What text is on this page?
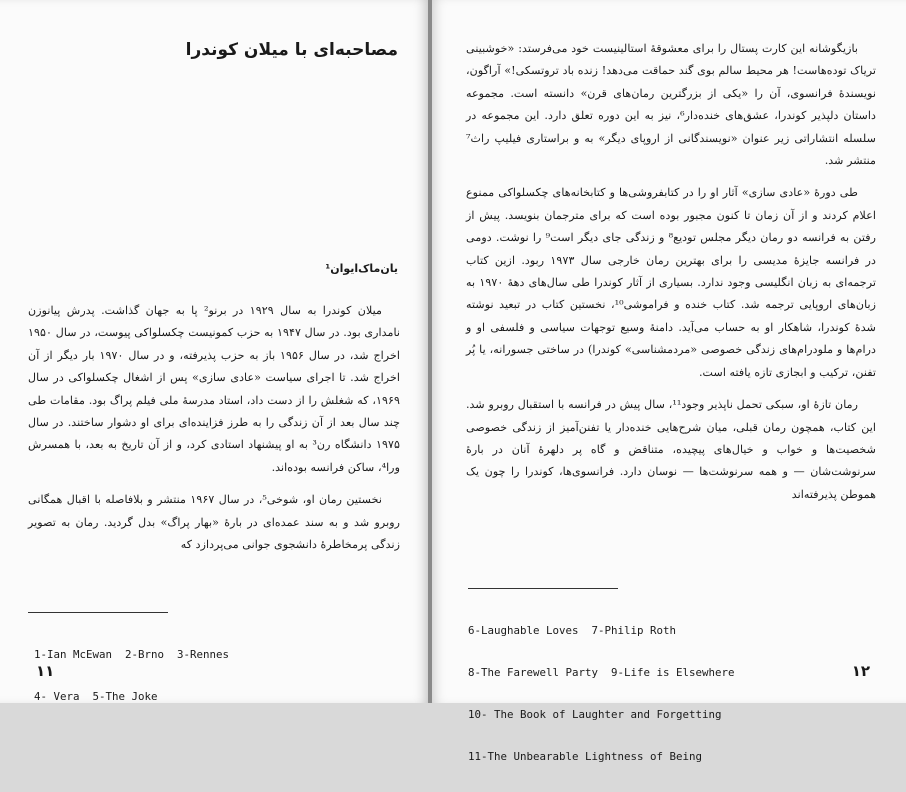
مصاحبه‌ای با میلان کوندرا
یان‌ماک‌ایوان¹

میلان کوندرا به سال ۱۹۲۹ در برنو² پا به جهان گذاشت. پدرش پیانوزن نامداری بود. در سال ۱۹۴۷ به حزب کمونیست چکسلواکی پیوست، در سال ۱۹۵۰ اخراج شد، در سال ۱۹۵۶ باز به حزب پذیرفته، و در سال ۱۹۷۰ بار دیگر از آن اخراج شد. تا اجرای سیاست «عادی سازی» پس از اشغال چکسلواکی در سال ۱۹۶۹، که شغلش را از دست داد، استاد مدرسهٔ ملی فیلم پراگ بود. مقامات طی چند سال بعد از آن زندگی را به طرز فزاینده‌ای برای او دشوار ساختند. در سال ۱۹۷۵ دانشگاه رن³ به او پیشنهاد استادی کرد، و از آن تاریخ به بعد، با همسرش ورا⁴، ساکن فرانسه بوده‌اند.

نخستین رمان او، شوخی⁵، در سال ۱۹۶۷ منتشر و بلافاصله با اقبال همگانی روبرو شد و به سند عمده‌ای در بارهٔ «بهار پراگ» بدل گردید. رمان به تصویر زندگی پرمخاطرهٔ دانشجوی جوانی می‌پردازد که

1-Ian McEwan  2-Brno  3-Rennes

4- Vera  5-The Joke

۱۱

بازیگوشانه این کارت پستال را برای معشوقهٔ استالینیست خود می‌فرستد: «خوشبینی تریاک توده‌هاست! هر محیط سالم بوی گند حماقت می‌دهد! زنده باد تروتسکی!» آراگون، نویسندهٔ فرانسوی، آن را «یکی از بزرگترین رمان‌های قرن» دانسته است. مجموعه داستان دلپذیر کوندرا، عشق‌های خنده‌دار⁶، نیز به این دوره تعلق دارد. این مجموعه در سلسله انتشاراتی زیر عنوان «نویسندگانی از اروپای دیگر» به و براستاری فیلیپ راث⁷ منتشر شد.

طی دورهٔ «عادی سازی» آثار او را در کتابفروشی‌ها و کتابخانه‌های چکسلواکی ممنوع اعلام کردند و از آن زمان تا کنون مجبور بوده است که برای مترجمان بنویسد. پیش از رفتن به فرانسه دو رمان دیگر مجلس تودیع⁸ و زندگی جای دیگر است⁹ را نوشت. دومی در فرانسه جایزهٔ مدیسی را برای بهترین رمان خارجی سال ۱۹۷۳ ربود. ازین کتاب ترجمه‌ای به زبان انگلیسی وجود ندارد. بسیاری از آثار کوندرا طی سال‌های دههٔ ۱۹۷۰ به زبان‌های اروپایی ترجمه شد. کتاب خنده و فراموشی¹⁰، نخستین کتاب در تبعید نوشته شدهٔ کوندرا، شاهکار او به حساب می‌آید. دامنهٔ وسیع توجهات سیاسی و فلسفی او و درام‌ها و ملودرام‌های زندگی خصوصی «مردمشناسی» کوندرا) در ساختی جسورانه، یا پُر تفنن، ترکیب و ابجازی تازه یافته است.

رمان تازهٔ او، سبکی تحمل ناپذیر وجود¹¹، سال پیش در فرانسه با استقبال روبرو شد. این کتاب، همچون رمان قبلی، میان شرح‌هایی خنده‌دار یا تفنن‌آمیز از زندگی خصوصی شخصیت‌ها و خواب و خیال‌های پیچیده، متناقض و گاه پر دلهرهٔ آنان در بارهٔ سرنوشت‌شان — و همه سرنوشت‌ها — نوسان دارد. فرانسوی‌ها، کوندرا را چون یک هموطن پذیرفته‌اند

6-Laughable Loves  7-Philip Roth

8-The Farewell Party  9-Life is Elsewhere

10- The Book of Laughter and Forgetting

11-The Unbearable Lightness of Being

۱۲
